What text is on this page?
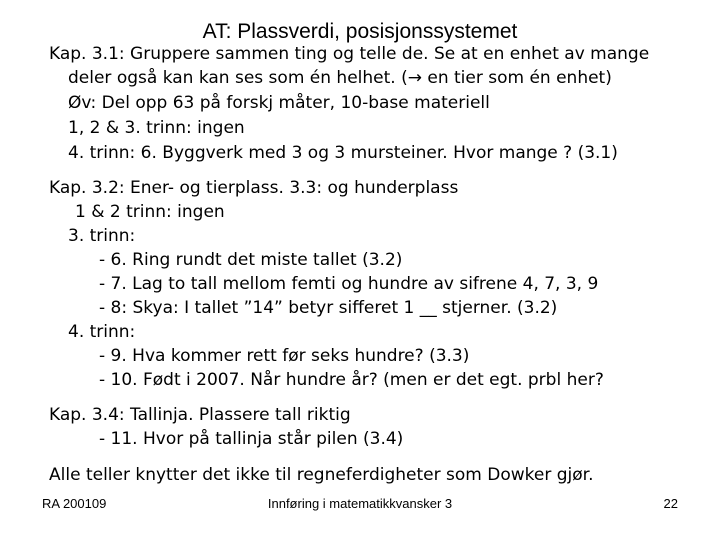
AT: Plassverdi, posisjonssystemet
Kap. 3.1: Gruppere sammen ting og telle de. Se at en enhet av mange
deler også kan kan ses som én helhet. (→ en tier som én enhet)
Øv: Del opp 63 på forskj måter, 10-base materiell
1, 2 & 3. trinn: ingen
4. trinn: 6. Byggverk med 3 og 3 mursteiner. Hvor mange ? (3.1)
Kap. 3.2: Ener- og tierplass. 3.3: og hunderplass
1 & 2 trinn: ingen
3. trinn:
- 6. Ring rundt det miste tallet (3.2)
- 7. Lag to tall mellom femti og hundre av sifrene 4, 7, 3, 9
- 8: Skya: I tallet ”14” betyr sifferet 1 __ stjerner. (3.2)
4. trinn:
- 9. Hva kommer rett før seks hundre? (3.3)
- 10. Født i 2007. Når hundre år? (men er det egt. prbl her?
Kap. 3.4: Tallinja. Plassere tall riktig
- 11. Hvor på tallinja står pilen (3.4)
Alle teller knytter det ikke til regneferdigheter som Dowker gjør.
RA 200109	Innføring i matematikkvansker 3	22
